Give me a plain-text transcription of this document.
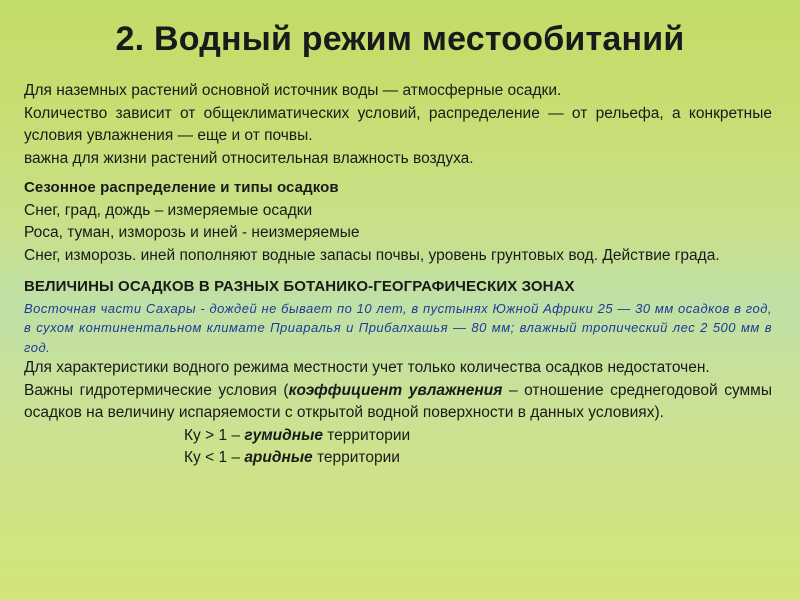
2. Водный режим местообитаний

Для наземных растений основной источник воды — атмосферные осадки.

Количество зависит от общеклиматических условий, распределение — от рельефа, а конкретные условия увлажнения — еще и от почвы.

важна для жизни растений относительная влажность воздуха.

Сезонное распределение и типы осадков

Снег, град, дождь – измеряемые осадки

Роса, туман, изморозь и иней - неизмеряемые

Снег, изморозь. иней пополняют водные запасы почвы, уровень грунтовых вод. Действие града.

ВЕЛИЧИНЫ ОСАДКОВ В РАЗНЫХ БОТАНИКО-ГЕОГРАФИЧЕСКИХ ЗОНАХ

Восточная части Сахары - дождей не бывает по 10 лет, в пустынях Южной Африки 25 — 30 мм осадков в год, в сухом континентальном климате Приаралья и Прибалхашья — 80 мм; влажный тропический лес 2 500 мм в год.

Для характеристики водного режима местности учет только количества осадков недостаточен.

Важны гидротермические условия (коэффициент увлажнения – отношение среднегодовой суммы осадков на величину испаряемости с открытой водной поверхности в данных условиях).

Ку > 1 – гумидные территории

Ку < 1 – аридные территории
